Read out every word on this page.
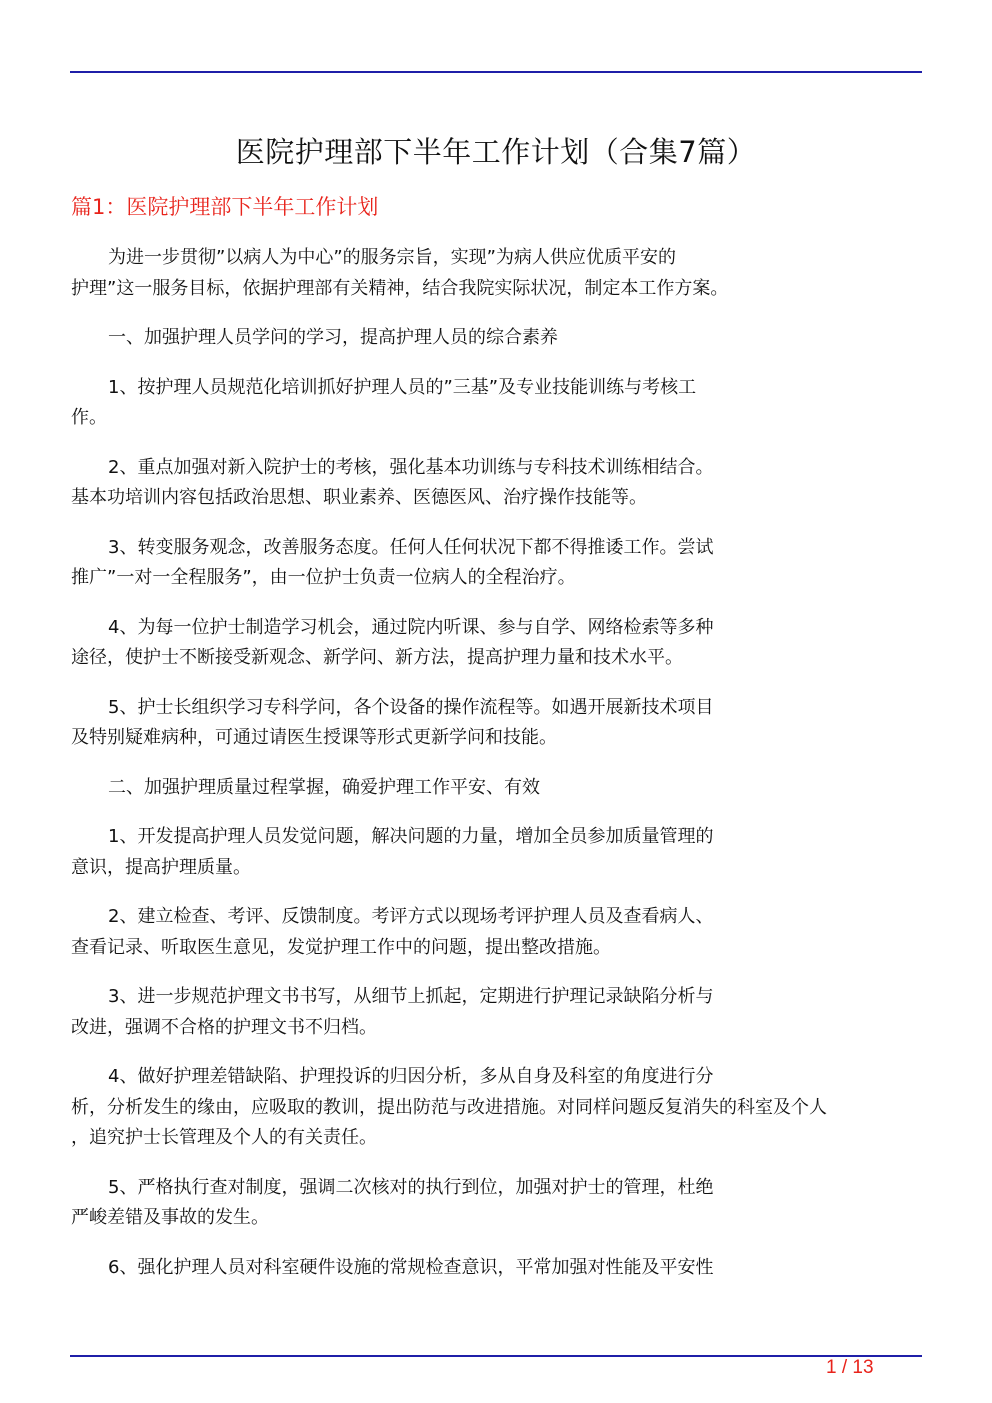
医院护理部下半年工作计划（合集7篇）
篇1：医院护理部下半年工作计划
为进一步贯彻”以病人为中心”的服务宗旨，实现”为病人供应优质平安的
护理”这一服务目标，依据护理部有关精神，结合我院实际状况，制定本工作方案。
一、加强护理人员学问的学习，提高护理人员的综合素养
1、按护理人员规范化培训抓好护理人员的”三基”及专业技能训练与考核工
作。
2、重点加强对新入院护士的考核，强化基本功训练与专科技术训练相结合。
基本功培训内容包括政治思想、职业素养、医德医风、治疗操作技能等。
3、转变服务观念，改善服务态度。任何人任何状况下都不得推诿工作。尝试
推广”一对一全程服务”，由一位护士负责一位病人的全程治疗。
4、为每一位护士制造学习机会，通过院内听课、参与自学、网络检索等多种
途径，使护士不断接受新观念、新学问、新方法，提高护理力量和技术水平。
5、护士长组织学习专科学问，各个设备的操作流程等。如遇开展新技术项目
及特别疑难病种，可通过请医生授课等形式更新学问和技能。
二、加强护理质量过程掌握，确爱护理工作平安、有效
1、开发提高护理人员发觉问题，解决问题的力量，增加全员参加质量管理的
意识，提高护理质量。
2、建立检查、考评、反馈制度。考评方式以现场考评护理人员及查看病人、
查看记录、听取医生意见，发觉护理工作中的问题，提出整改措施。
3、进一步规范护理文书书写，从细节上抓起，定期进行护理记录缺陷分析与
改进，强调不合格的护理文书不归档。
4、做好护理差错缺陷、护理投诉的归因分析，多从自身及科室的角度进行分
析，分析发生的缘由，应吸取的教训，提出防范与改进措施。对同样问题反复消失的科室及个人
，追究护士长管理及个人的有关责任。
5、严格执行查对制度，强调二次核对的执行到位，加强对护士的管理，杜绝
严峻差错及事故的发生。
6、强化护理人员对科室硬件设施的常规检查意识，平常加强对性能及平安性
1 / 13
